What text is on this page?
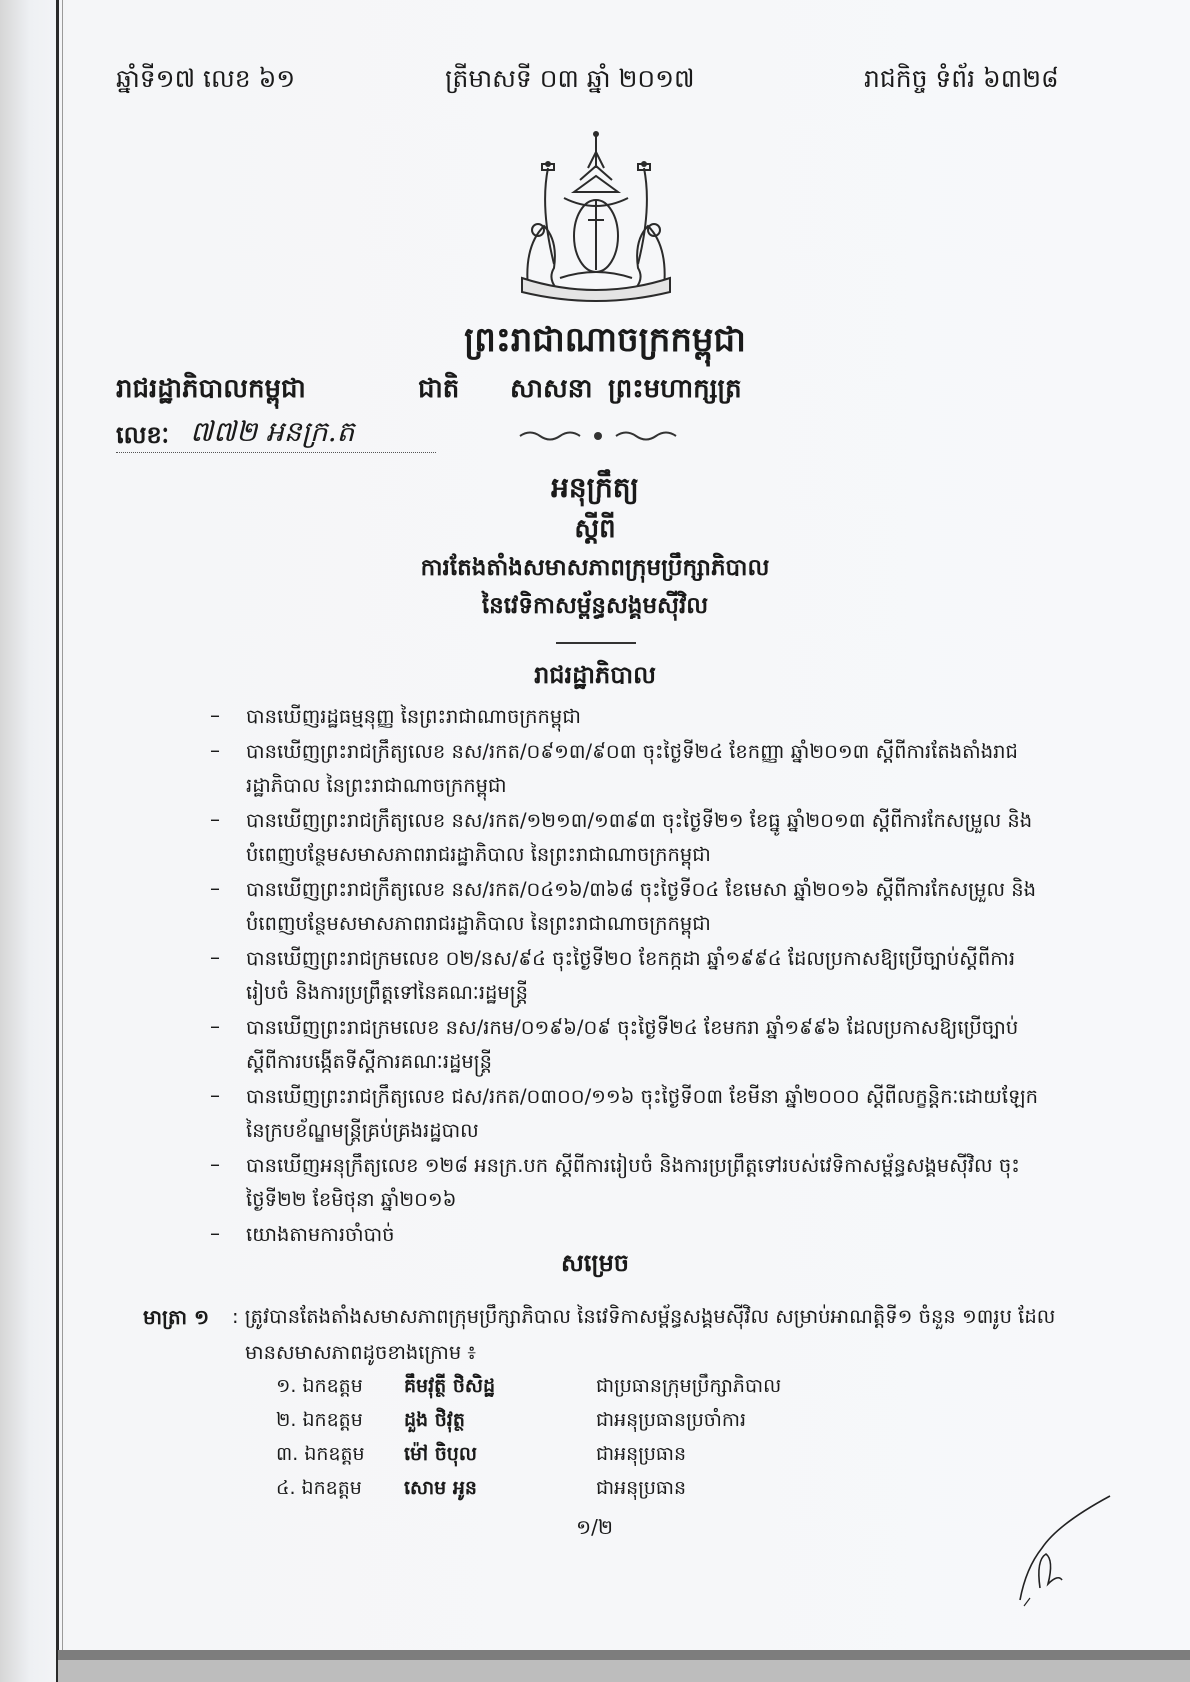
ឆ្នាំទី១៧ លេខ ៦១	ត្រីមាសទី ០៣ ឆ្នាំ ២០១៧	រាជកិច្ច ទំព័រ ៦៣២៨
ព្រះរាជាណាចក្រកម្ពុជា
រាជរដ្ឋាភិបាលកម្ពុជា	ជាតិ សាសនា ព្រះមហាក្សត្រ
លេខៈ ៧៧២ អនក្រ.ត
អនុក្រឹត្យ
ស្ដីពី
ការតែងតាំងសមាសភាពក្រុមប្រឹក្សាភិបាល
នៃវេទិកាសម្ព័ន្ធសង្គមស៊ីវិល
រាជរដ្ឋាភិបាល
– បានឃើញរដ្ឋធម្មនុញ្ញ នៃព្រះរាជាណាចក្រកម្ពុជា
– បានឃើញព្រះរាជក្រឹត្យលេខ នស/រកត/០៩១៣/៩០៣ ចុះថ្ងៃទី២៤ ខែកញ្ញា ឆ្នាំ២០១៣ ស្ដីពីការតែងតាំងរាជ
រដ្ឋាភិបាល នៃព្រះរាជាណាចក្រកម្ពុជា
– បានឃើញព្រះរាជក្រឹត្យលេខ នស/រកត/១២១៣/១៣៩៣ ចុះថ្ងៃទី២១ ខែធ្នូ ឆ្នាំ២០១៣ ស្ដីពីការកែសម្រួល និង
បំពេញបន្ថែមសមាសភាពរាជរដ្ឋាភិបាល នៃព្រះរាជាណាចក្រកម្ពុជា
– បានឃើញព្រះរាជក្រឹត្យលេខ នស/រកត/០៤១៦/៣៦៨ ចុះថ្ងៃទី០៤ ខែមេសា ឆ្នាំ២០១៦ ស្ដីពីការកែសម្រួល និង
បំពេញបន្ថែមសមាសភាពរាជរដ្ឋាភិបាល នៃព្រះរាជាណាចក្រកម្ពុជា
– បានឃើញព្រះរាជក្រមលេខ ០២/នស/៩៤ ចុះថ្ងៃទី២០ ខែកក្កដា ឆ្នាំ១៩៩៤ ដែលប្រកាសឱ្យប្រើច្បាប់ស្ដីពីការ
រៀបចំ និងការប្រព្រឹត្តទៅនៃគណៈរដ្ឋមន្ត្រី
– បានឃើញព្រះរាជក្រមលេខ នស/រកម/០១៩៦/០៩ ចុះថ្ងៃទី២៤ ខែមករា ឆ្នាំ១៩៩៦ ដែលប្រកាសឱ្យប្រើច្បាប់
ស្ដីពីការបង្កើតទីស្ដីការគណៈរដ្ឋមន្ត្រី
– បានឃើញព្រះរាជក្រឹត្យលេខ ជស/រកត/០៣០០/១១៦ ចុះថ្ងៃទី០៣ ខែមីនា ឆ្នាំ២០០០ ស្ដីពីលក្ខន្តិកៈដោយឡែក
នៃក្របខ័ណ្ឌមន្ត្រីគ្រប់គ្រងរដ្ឋបាល
– បានឃើញអនុក្រឹត្យលេខ ១២៨ អនក្រ.បក ស្ដីពីការរៀបចំ និងការប្រព្រឹត្តទៅរបស់វេទិកាសម្ព័ន្ធសង្គមស៊ីវិល ចុះ
ថ្ងៃទី២២ ខែមិថុនា ឆ្នាំ២០១៦
– យោងតាមការចាំបាច់
សម្រេច
មាត្រា ១ : ត្រូវបានតែងតាំងសមាសភាពក្រុមប្រឹក្សាភិបាល នៃវេទិកាសម្ព័ន្ធសង្គមស៊ីវិល សម្រាប់អាណត្តិទី១ ចំនួន ១៣រូប ដែល
មានសមាសភាពដូចខាងក្រោម ៖
១. ឯកឧត្តម គឹមវុត្ថី ថិសិដ្ឋ	ជាប្រធានក្រុមប្រឹក្សាភិបាល
២. ឯកឧត្តម ដួង ថិវុត្ថ	ជាអនុប្រធានប្រចាំការ
៣. ឯកឧត្តម ម៉ៅ ចិបុល	ជាអនុប្រធាន
៤. ឯកឧត្តម សោម អូន	ជាអនុប្រធាន
១/២
